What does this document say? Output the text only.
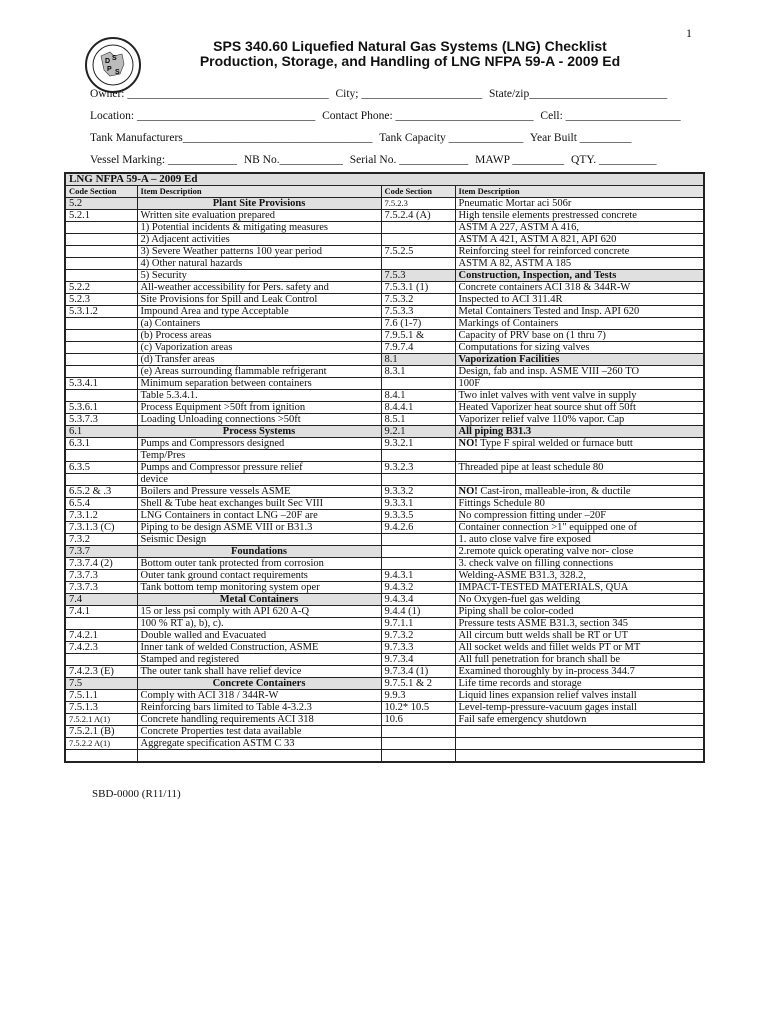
1
D S
P S
SPS 340.60 Liquefied Natural Gas Systems (LNG) Checklist
Production, Storage, and Handling of LNG NFPA 59-A - 2009 Ed
Owner: ___________________________________ City; _____________________ State/zip________________________
Location: _______________________________ Contact Phone: ________________________ Cell: ____________________
Tank Manufacturers_________________________________ Tank Capacity _____________ Year Built _________
Vessel Marking: ____________ NB No.___________ Serial No. ____________ MAWP _________ QTY. __________
LNG NFPA 59-A – 2009 Ed			
Code Section	Item Description	Code Section	Item Description
5.2	Plant Site Provisions	7.5.2.3	Pneumatic Mortar aci 506r
5.2.1	Written site evaluation prepared	7.5.2.4 (A)	High tensile elements prestressed concrete
	1) Potential incidents & mitigating measures		ASTM A 227, ASTM A 416,
	2) Adjacent activities		ASTM A 421, ASTM A 821, API 620
	3) Severe Weather patterns 100 year period	7.5.2.5	Reinforcing steel for reinforced concrete
	4) Other natural hazards		ASTM A 82, ASTM A 185
	5) Security	7.5.3	Construction, Inspection, and Tests
5.2.2	All-weather accessibility for Pers. safety and	7.5.3.1 (1)	Concrete containers ACI 318 & 344R-W
5.2.3	Site Provisions for Spill and Leak Control	7.5.3.2	Inspected to ACI 311.4R
5.3.1.2	Impound Area and type Acceptable	7.5.3.3	Metal Containers Tested and Insp. API 620
	(a) Containers	7.6 (1-7)	Markings of Containers
	(b) Process areas	7.9.5.1 &	Capacity of PRV base on (1 thru 7)
	(c) Vaporization areas	7.9.7.4	Computations for sizing valves
	(d) Transfer areas	8.1	Vaporization Facilities
	(e) Areas surrounding flammable refrigerant	8.3.1	Design, fab and insp. ASME VIII –260 TO
5.3.4.1	Minimum separation between containers		100F
	Table 5.3.4.1.	8.4.1	Two inlet valves with vent valve in supply
5.3.6.1	Process Equipment >50ft from ignition	8.4.4.1	Heated Vaporizer heat source shut off 50ft
5.3.7.3	Loading Unloading connections >50ft	8.5.1	Vaporizer relief valve 110% vapor. Cap
6.1	Process Systems	9.2.1	All piping B31.3
6.3.1	Pumps and Compressors designed	9.3.2.1	NO! Type F spiral welded or furnace butt
	Temp/Pres		
6.3.5	Pumps and Compressor pressure relief	9.3.2.3	Threaded pipe at least schedule 80
	device		
6.5.2 & .3	Boilers and Pressure vessels ASME	9.3.3.2	NO! Cast-iron, malleable-iron, & ductile
6.5.4	Shell & Tube heat exchanges built Sec VIII	9.3.3.1	Fittings Schedule 80
7.3.1.2	LNG Containers in contact LNG –20F are	9.3.3.5	No compression fitting under –20F
7.3.1.3 (C)	Piping to be design ASME VIII or B31.3	9.4.2.6	Container connection >1" equipped one of
7.3.2	Seismic Design		1. auto close valve fire exposed
7.3.7	Foundations		2.remote quick operating valve nor- close
7.3.7.4 (2)	Bottom outer tank protected from corrosion		3. check valve on filling connections
7.3.7.3	Outer tank ground contact requirements	9.4.3.1	Welding-ASME B31.3, 328.2,
7.3.7.3	Tank bottom temp monitoring system oper	9.4.3.2	IMPACT-TESTED MATERIALS, QUA
7.4	Metal Containers	9.4.3.4	No Oxygen-fuel gas welding
7.4.1	15 or less psi comply with API 620 A-Q	9.4.4 (1)	Piping shall be color-coded
	100 % RT a), b), c).	9.7.1.1	Pressure tests ASME B31.3, section 345
7.4.2.1	Double walled and Evacuated	9.7.3.2	All circum butt welds shall be RT or UT
7.4.2.3	Inner tank of welded Construction, ASME	9.7.3.3	All socket welds and fillet welds PT or MT
	Stamped and registered	9.7.3.4	All full penetration for branch shall be
7.4.2.3 (E)	The outer tank shall have relief device	9.7.3.4 (1)	Examined thoroughly by in-process 344.7
7.5	Concrete Containers	9.7.5.1 & 2	Life time records and storage
7.5.1.1	Comply with ACI 318 / 344R-W	9.9.3	Liquid lines expansion relief valves install
7.5.1.3	Reinforcing bars limited to Table 4-3.2.3	10.2* 10.5	Level-temp-pressure-vacuum gages install
7.5.2.1 A(1)	Concrete handling requirements ACI 318	10.6	Fail safe emergency shutdown
7.5.2.1 (B)	Concrete Properties test data available		
7.5.2.2 A(1)	Aggregate specification ASTM C 33		

SBD-0000 (R11/11)
